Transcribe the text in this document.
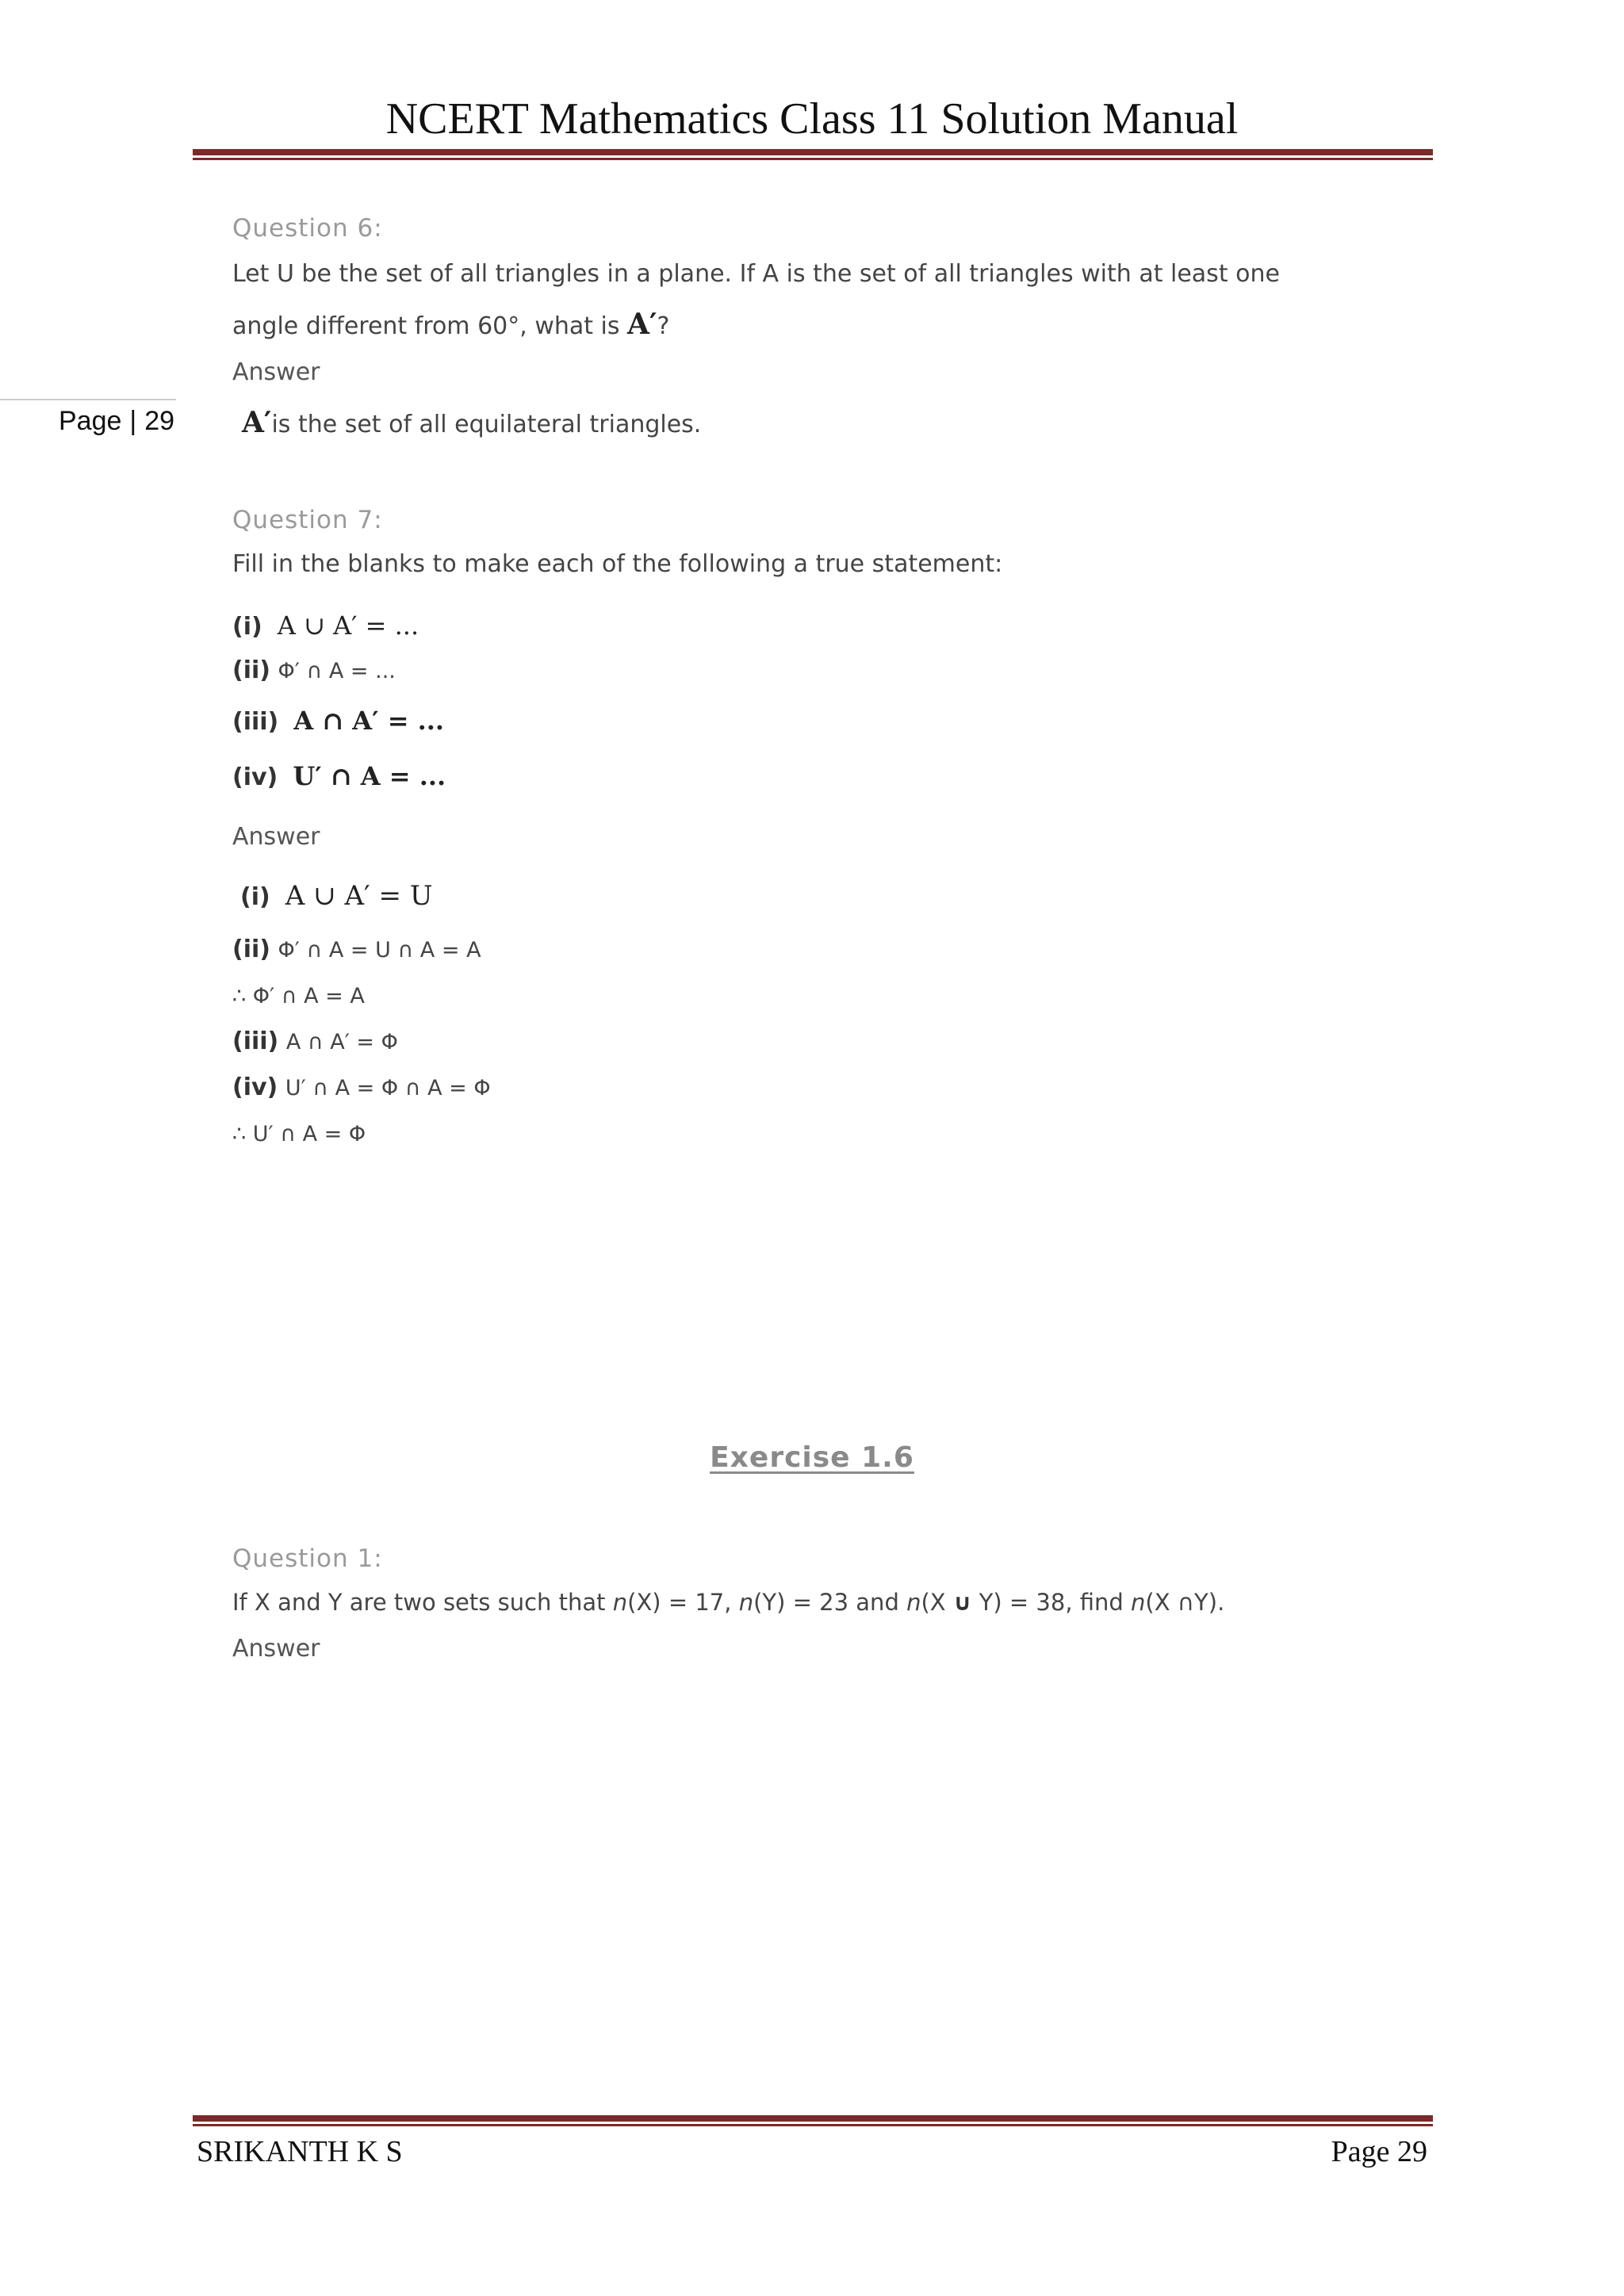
NCERT Mathematics Class 11 Solution Manual
Page | 29
Question 6:
Let U be the set of all triangles in a plane. If A is the set of all triangles with at least one
angle different from 60°, what is A′?
Answer
A′is the set of all equilateral triangles.
Question 7:
Fill in the blanks to make each of the following a true statement:
(i) A ∪ A′ = ...
(ii) Φ′ ∩ A = ...
(iii) A ∩ A′ = ...
(iv) U′ ∩ A = ...
Answer
(i) A ∪ A′ = U
(ii) Φ′ ∩ A = U ∩ A = A
∴ Φ′ ∩ A = A
(iii) A ∩ A′ = Φ
(iv) U′ ∩ A = Φ ∩ A = Φ
∴ U′ ∩ A = Φ
Question 1:
If X and Y are two sets such that n(X) = 17, n(Y) = 23 and n(X ∪ Y) = 38, find n(X ∩Y).
Answer
Exercise 1.6
SRIKANTH K S	Page 29
